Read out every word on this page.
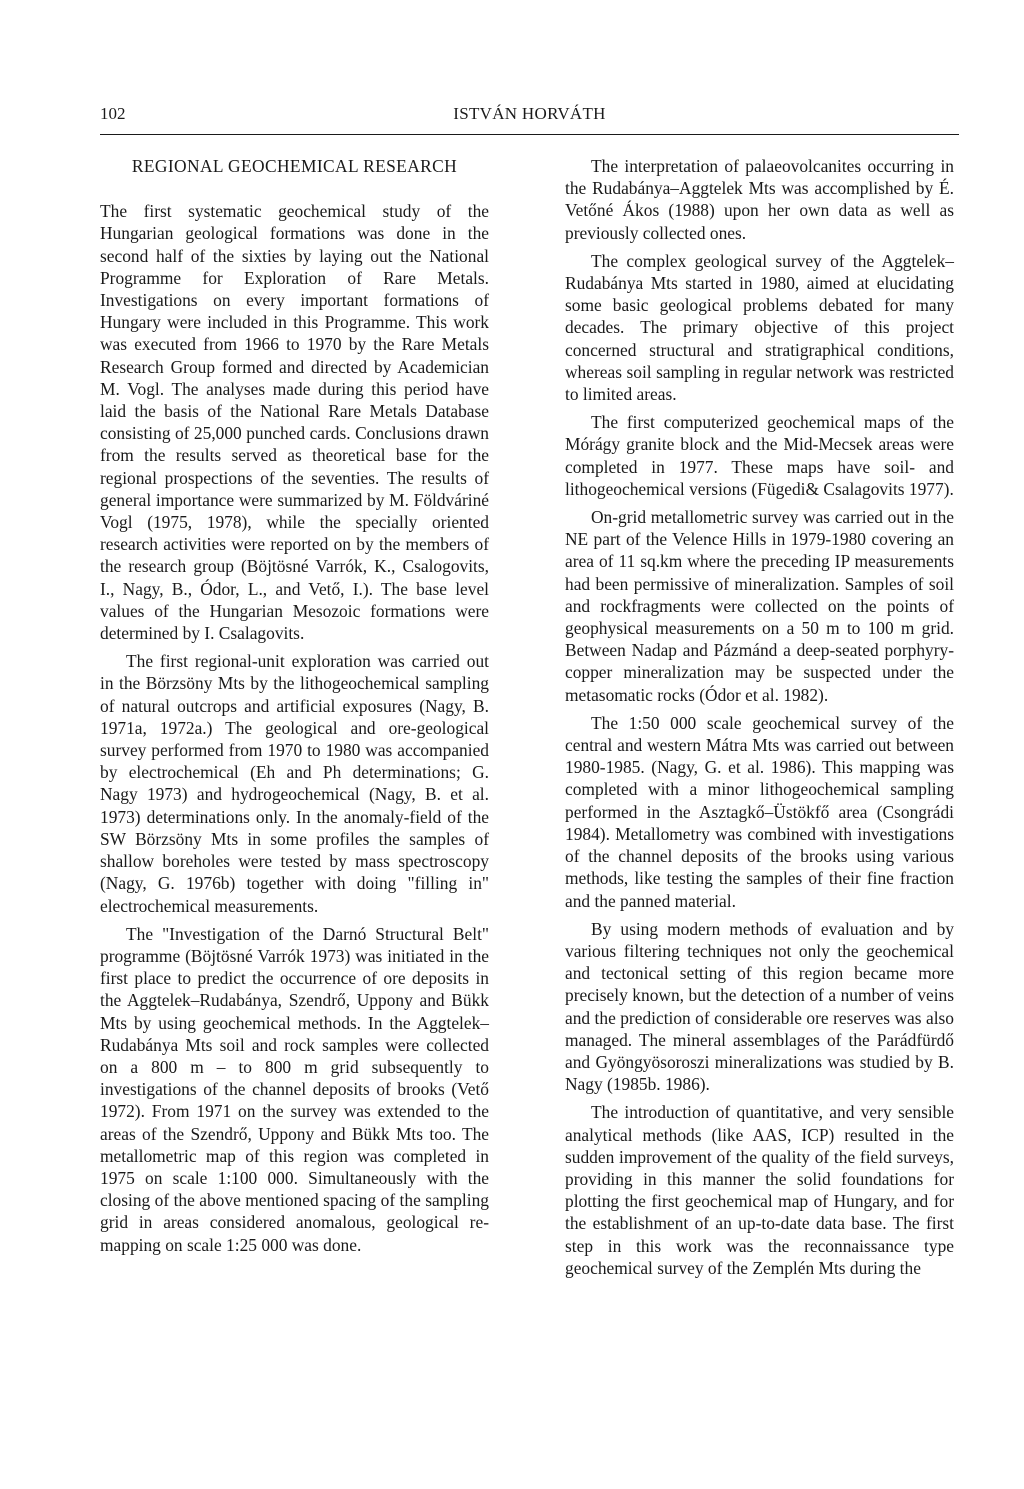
102	ISTVÁN HORVÁTH
REGIONAL GEOCHEMICAL RESEARCH

The first systematic geochemical study of the Hungarian geological formations was done in the second half of the sixties by laying out the National Programme for Exploration of Rare Metals. Investigations on every important formations of Hungary were included in this Programme. This work was executed from 1966 to 1970 by the Rare Metals Research Group formed and directed by Academician M. Vogl. The analyses made during this period have laid the basis of the National Rare Metals Database consisting of 25,000 punched cards. Conclusions drawn from the results served as theoretical base for the regional prospections of the seventies. The results of general importance were summarized by M. Földváriné Vogl (1975, 1978), while the specially oriented research activities were reported on by the members of the research group (Böjtösné Varrók, K., Csalogovits, I., Nagy, B., Ódor, L., and Vető, I.). The base level values of the Hungarian Mesozoic formations were determined by I. Csalagovits.

The first regional-unit exploration was carried out in the Börzsöny Mts by the lithogeochemical sampling of natural outcrops and artificial exposures (Nagy, B. 1971a, 1972a.) The geological and ore-geological survey performed from 1970 to 1980 was accompanied by electrochemical (Eh and Ph determinations; G. Nagy 1973) and hydrogeochemical (Nagy, B. et al. 1973) determinations only. In the anomaly-field of the SW Börzsöny Mts in some profiles the samples of shallow boreholes were tested by mass spectroscopy (Nagy, G. 1976b) together with doing "filling in" electrochemical measurements.

The "Investigation of the Darnó Structural Belt" programme (Böjtösné Varrók 1973) was initiated in the first place to predict the occurrence of ore deposits in the Aggtelek–Rudabánya, Szendrő, Uppony and Bükk Mts by using geochemical methods. In the Aggtelek–Rudabánya Mts soil and rock samples were collected on a 800 m – to 800 m grid subsequently to investigations of the channel deposits of brooks (Vető 1972). From 1971 on the survey was extended to the areas of the Szendrő, Uppony and Bükk Mts too. The metallometric map of this region was completed in 1975 on scale 1:100 000. Simultaneously with the closing of the above mentioned spacing of the sampling grid in areas considered anomalous, geological re-mapping on scale 1:25 000 was done.

The interpretation of palaeovolcanites occurring in the Rudabánya–Aggtelek Mts was accomplished by É. Vetőné Ákos (1988) upon her own data as well as previously collected ones.

The complex geological survey of the Aggtelek–Rudabánya Mts started in 1980, aimed at elucidating some basic geological problems debated for many decades. The primary objective of this project concerned structural and stratigraphical conditions, whereas soil sampling in regular network was restricted to limited areas.

The first computerized geochemical maps of the Mórágy granite block and the Mid-Mecsek areas were completed in 1977. These maps have soil- and lithogeochemical versions (Fügedi& Csalagovits 1977).

On-grid metallometric survey was carried out in the NE part of the Velence Hills in 1979-1980 covering an area of 11 sq.km where the preceding IP measurements had been permissive of mineralization. Samples of soil and rockfragments were collected on the points of geophysical measurements on a 50 m to 100 m grid. Between Nadap and Pázmánd a deep-seated porphyry-copper mineralization may be suspected under the metasomatic rocks (Ódor et al. 1982).

The 1:50 000 scale geochemical survey of the central and western Mátra Mts was carried out between 1980-1985. (Nagy, G. et al. 1986). This mapping was completed with a minor lithogeochemical sampling performed in the Asztagkő–Üstökfő area (Csongrádi 1984). Metallometry was combined with investigations of the channel deposits of the brooks using various methods, like testing the samples of their fine fraction and the panned material.

By using modern methods of evaluation and by various filtering techniques not only the geochemical and tectonical setting of this region became more precisely known, but the detection of a number of veins and the prediction of considerable ore reserves was also managed. The mineral assemblages of the Parádfürdő and Gyöngyösoroszi mineralizations was studied by B. Nagy (1985b. 1986).

The introduction of quantitative, and very sensible analytical methods (like AAS, ICP) resulted in the sudden improvement of the quality of the field surveys, providing in this manner the solid foundations for plotting the first geochemical map of Hungary, and for the establishment of an up-to-date data base. The first step in this work was the reconnaissance type geochemical survey of the Zemplén Mts during the
